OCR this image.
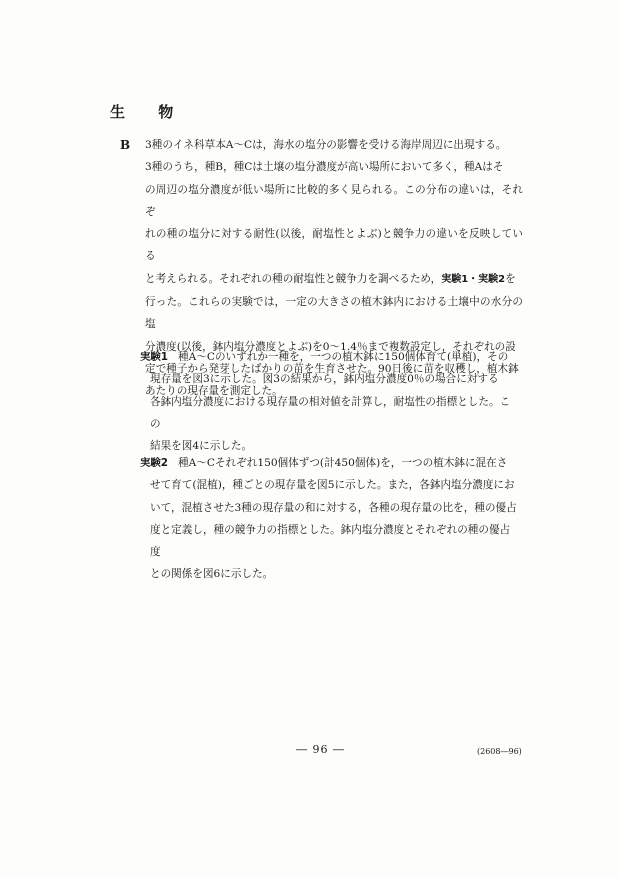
生 物
B 3種のイネ科草本A～Cは，海水の塩分の影響を受ける海岸周辺に出現する。
3種のうち，種B，種Cは土壌の塩分濃度が高い場所において多く，種Aはそ
の周辺の塩分濃度が低い場所に比較的多く見られる。この分布の違いは，それぞ
れの種の塩分に対する耐性(以後，耐塩性とよぶ)と競争力の違いを反映している
と考えられる。それぞれの種の耐塩性と競争力を調べるため，実験1・実験2を
行った。これらの実験では，一定の大きさの植木鉢内における土壌中の水分の塩
分濃度(以後，鉢内塩分濃度とよぶ)を0～1.4％まで複数設定し，それぞれの設
定で種子から発芽したばかりの苗を生育させた。90日後に苗を収穫し，植木鉢
あたりの現存量を測定した。
実験1 種A～Cのいずれか一種を，一つの植木鉢に150個体育て(単植)，その
現存量を図3に示した。図3の結果から，鉢内塩分濃度0％の場合に対する
各鉢内塩分濃度における現存量の相対値を計算し，耐塩性の指標とした。この
結果を図4に示した。
実験2 種A～Cそれぞれ150個体ずつ(計450個体)を，一つの植木鉢に混在さ
せて育て(混植)，種ごとの現存量を図5に示した。また，各鉢内塩分濃度にお
いて，混植させた3種の現存量の和に対する，各種の現存量の比を，種の優占
度と定義し，種の競争力の指標とした。鉢内塩分濃度とそれぞれの種の優占度
との関係を図6に示した。
― 96 ―	(2608―96)
